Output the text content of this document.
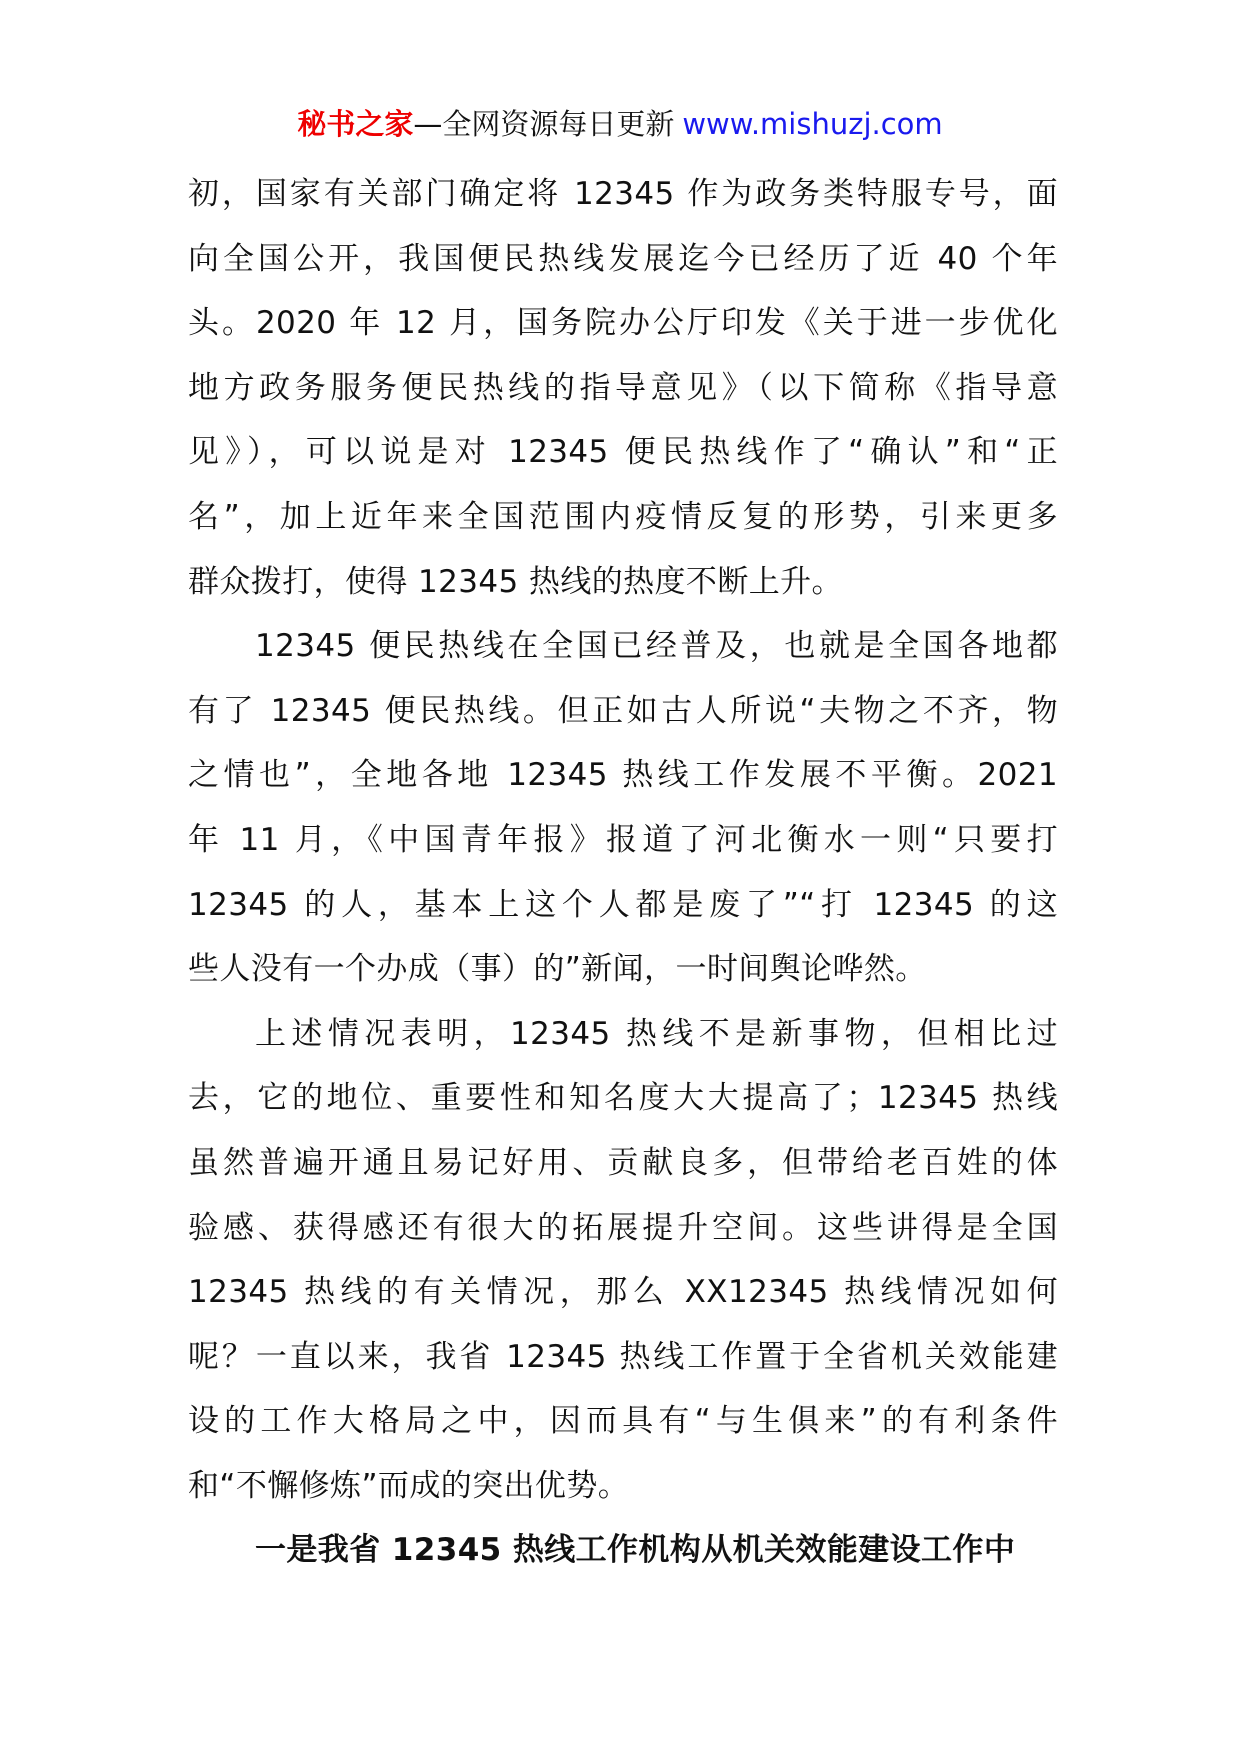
秘书之家—全网资源每日更新 www.mishuzj.com
初，国家有关部门确定将 12345 作为政务类特服专号，面
向全国公开，我国便民热线发展迄今已经历了近 40 个年
头。2020 年 12 月，国务院办公厅印发《关于进一步优化
地方政务服务便民热线的指导意见》（以下简称《指导意
见》），可以说是对 12345 便民热线作了“确认”和“正
名”，加上近年来全国范围内疫情反复的形势，引来更多
群众拨打，使得 12345 热线的热度不断上升。
12345 便民热线在全国已经普及，也就是全国各地都
有了 12345 便民热线。但正如古人所说“夫物之不齐，物
之情也”，全地各地 12345 热线工作发展不平衡。2021
年 11 月，《中国青年报》报道了河北衡水一则“只要打
12345 的人，基本上这个人都是废了”“打 12345 的这
些人没有一个办成（事）的”新闻，一时间舆论哗然。
上述情况表明，12345 热线不是新事物，但相比过
去，它的地位、重要性和知名度大大提高了；12345 热线
虽然普遍开通且易记好用、贡献良多，但带给老百姓的体
验感、获得感还有很大的拓展提升空间。这些讲得是全国
12345 热线的有关情况，那么 XX12345 热线情况如何
呢？一直以来，我省 12345 热线工作置于全省机关效能建
设的工作大格局之中，因而具有“与生俱来”的有利条件
和“不懈修炼”而成的突出优势。
一是我省 12345 热线工作机构从机关效能建设工作中
